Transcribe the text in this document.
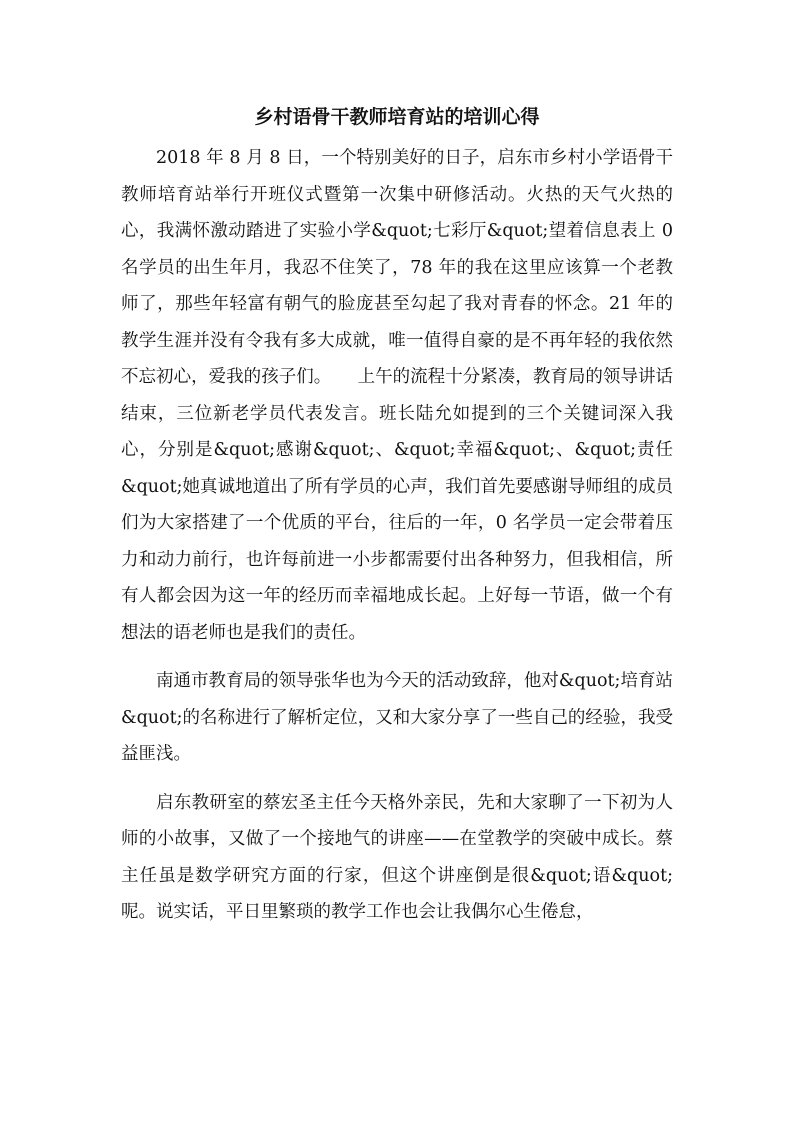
乡村语骨干教师培育站的培训心得

2018 年 8 月 8 日，一个特别美好的日子，启东市乡村小学语骨干教师培育站举行开班仪式暨第一次集中研修活动。火热的天气火热的心，我满怀激动踏进了实验小学&quot;七彩厅&quot;望着信息表上 0 名学员的出生年月，我忍不住笑了，78 年的我在这里应该算一个老教师了，那些年轻富有朝气的脸庞甚至勾起了我对青春的怀念。21 年的教学生涯并没有令我有多大成就，唯一值得自豪的是不再年轻的我依然不忘初心，爱我的孩子们。　　上午的流程十分紧凑，教育局的领导讲话结束，三位新老学员代表发言。班长陆允如提到的三个关键词深入我心，分别是&quot;感谢&quot;、&quot;幸福&quot;、&quot;责任&quot;她真诚地道出了所有学员的心声，我们首先要感谢导师组的成员们为大家搭建了一个优质的平台，往后的一年，0 名学员一定会带着压力和动力前行，也许每前进一小步都需要付出各种努力，但我相信，所有人都会因为这一年的经历而幸福地成长起。上好每一节语，做一个有想法的语老师也是我们的责任。

南通市教育局的领导张华也为今天的活动致辞，他对&quot;培育站&quot;的名称进行了解析定位，又和大家分享了一些自己的经验，我受益匪浅。

启东教研室的蔡宏圣主任今天格外亲民，先和大家聊了一下初为人师的小故事，又做了一个接地气的讲座——在堂教学的突破中成长。蔡主任虽是数学研究方面的行家，但这个讲座倒是很&quot;语&quot;呢。说实话，平日里繁琐的教学工作也会让我偶尔心生倦怠，
